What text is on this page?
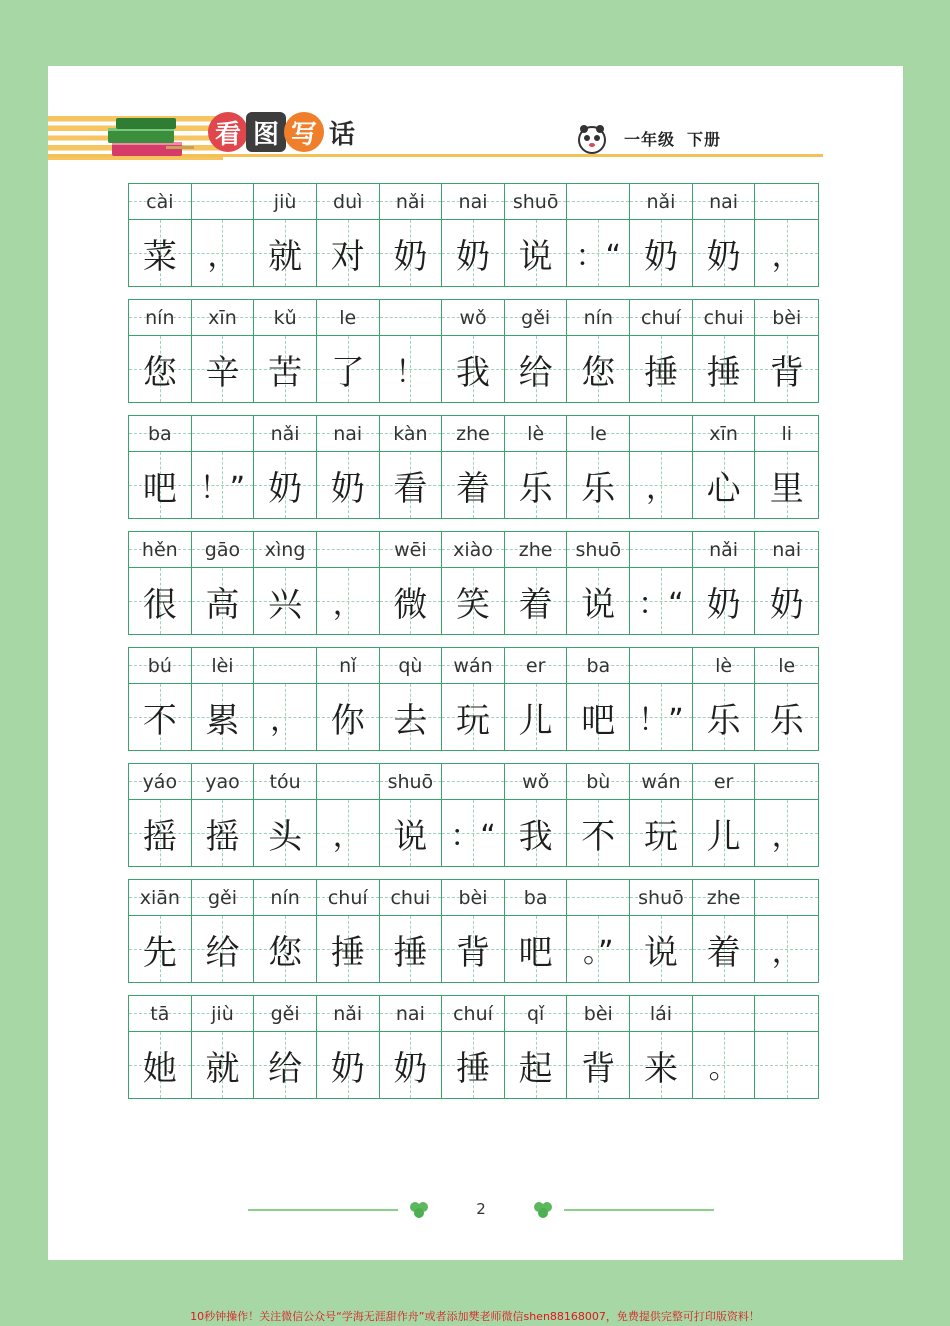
看 图 写 话	一年级 下册
cài
菜 ，
jiù
就
duì
对
nǎi
奶
nai
奶
shuō
说 ：“
nǎi
奶
nai
奶 ，
nín
您
xīn
辛
kǔ
苦
le
了 ！
wǒ
我
gěi
给
nín
您
chuí
捶
chui
捶
bèi
背
ba
吧 ！”
nǎi
奶
nai
奶
kàn
看
zhe
着
lè
乐
le
乐 ，
xīn
心
li
里
hěn
很
gāo
高
xìng
兴 ，
wēi
微
xiào
笑
zhe
着
shuō
说 ：“
nǎi
奶
nai
奶
bú
不
lèi
累 ，
nǐ
你
qù
去
wán
玩
er
儿
ba
吧 ！”
lè
乐
le
乐
yáo
摇
yao
摇
tóu
头 ，
shuō
说 ：“
wǒ
我
bù
不
wán
玩
er
儿 ，
xiān
先
gěi
给
nín
您
chuí
捶
chui
捶
bèi
背
ba
吧 。”
shuō
说
zhe
着 ，
tā
她
jiù
就
gěi
给
nǎi
奶
nai
奶
chuí
捶
qǐ
起
bèi
背
lái
来 。
2
10秒钟操作！关注微信公众号“学海无涯甜作舟”或者添加樊老师微信shen88168007，免费提供完整可打印版资料！
